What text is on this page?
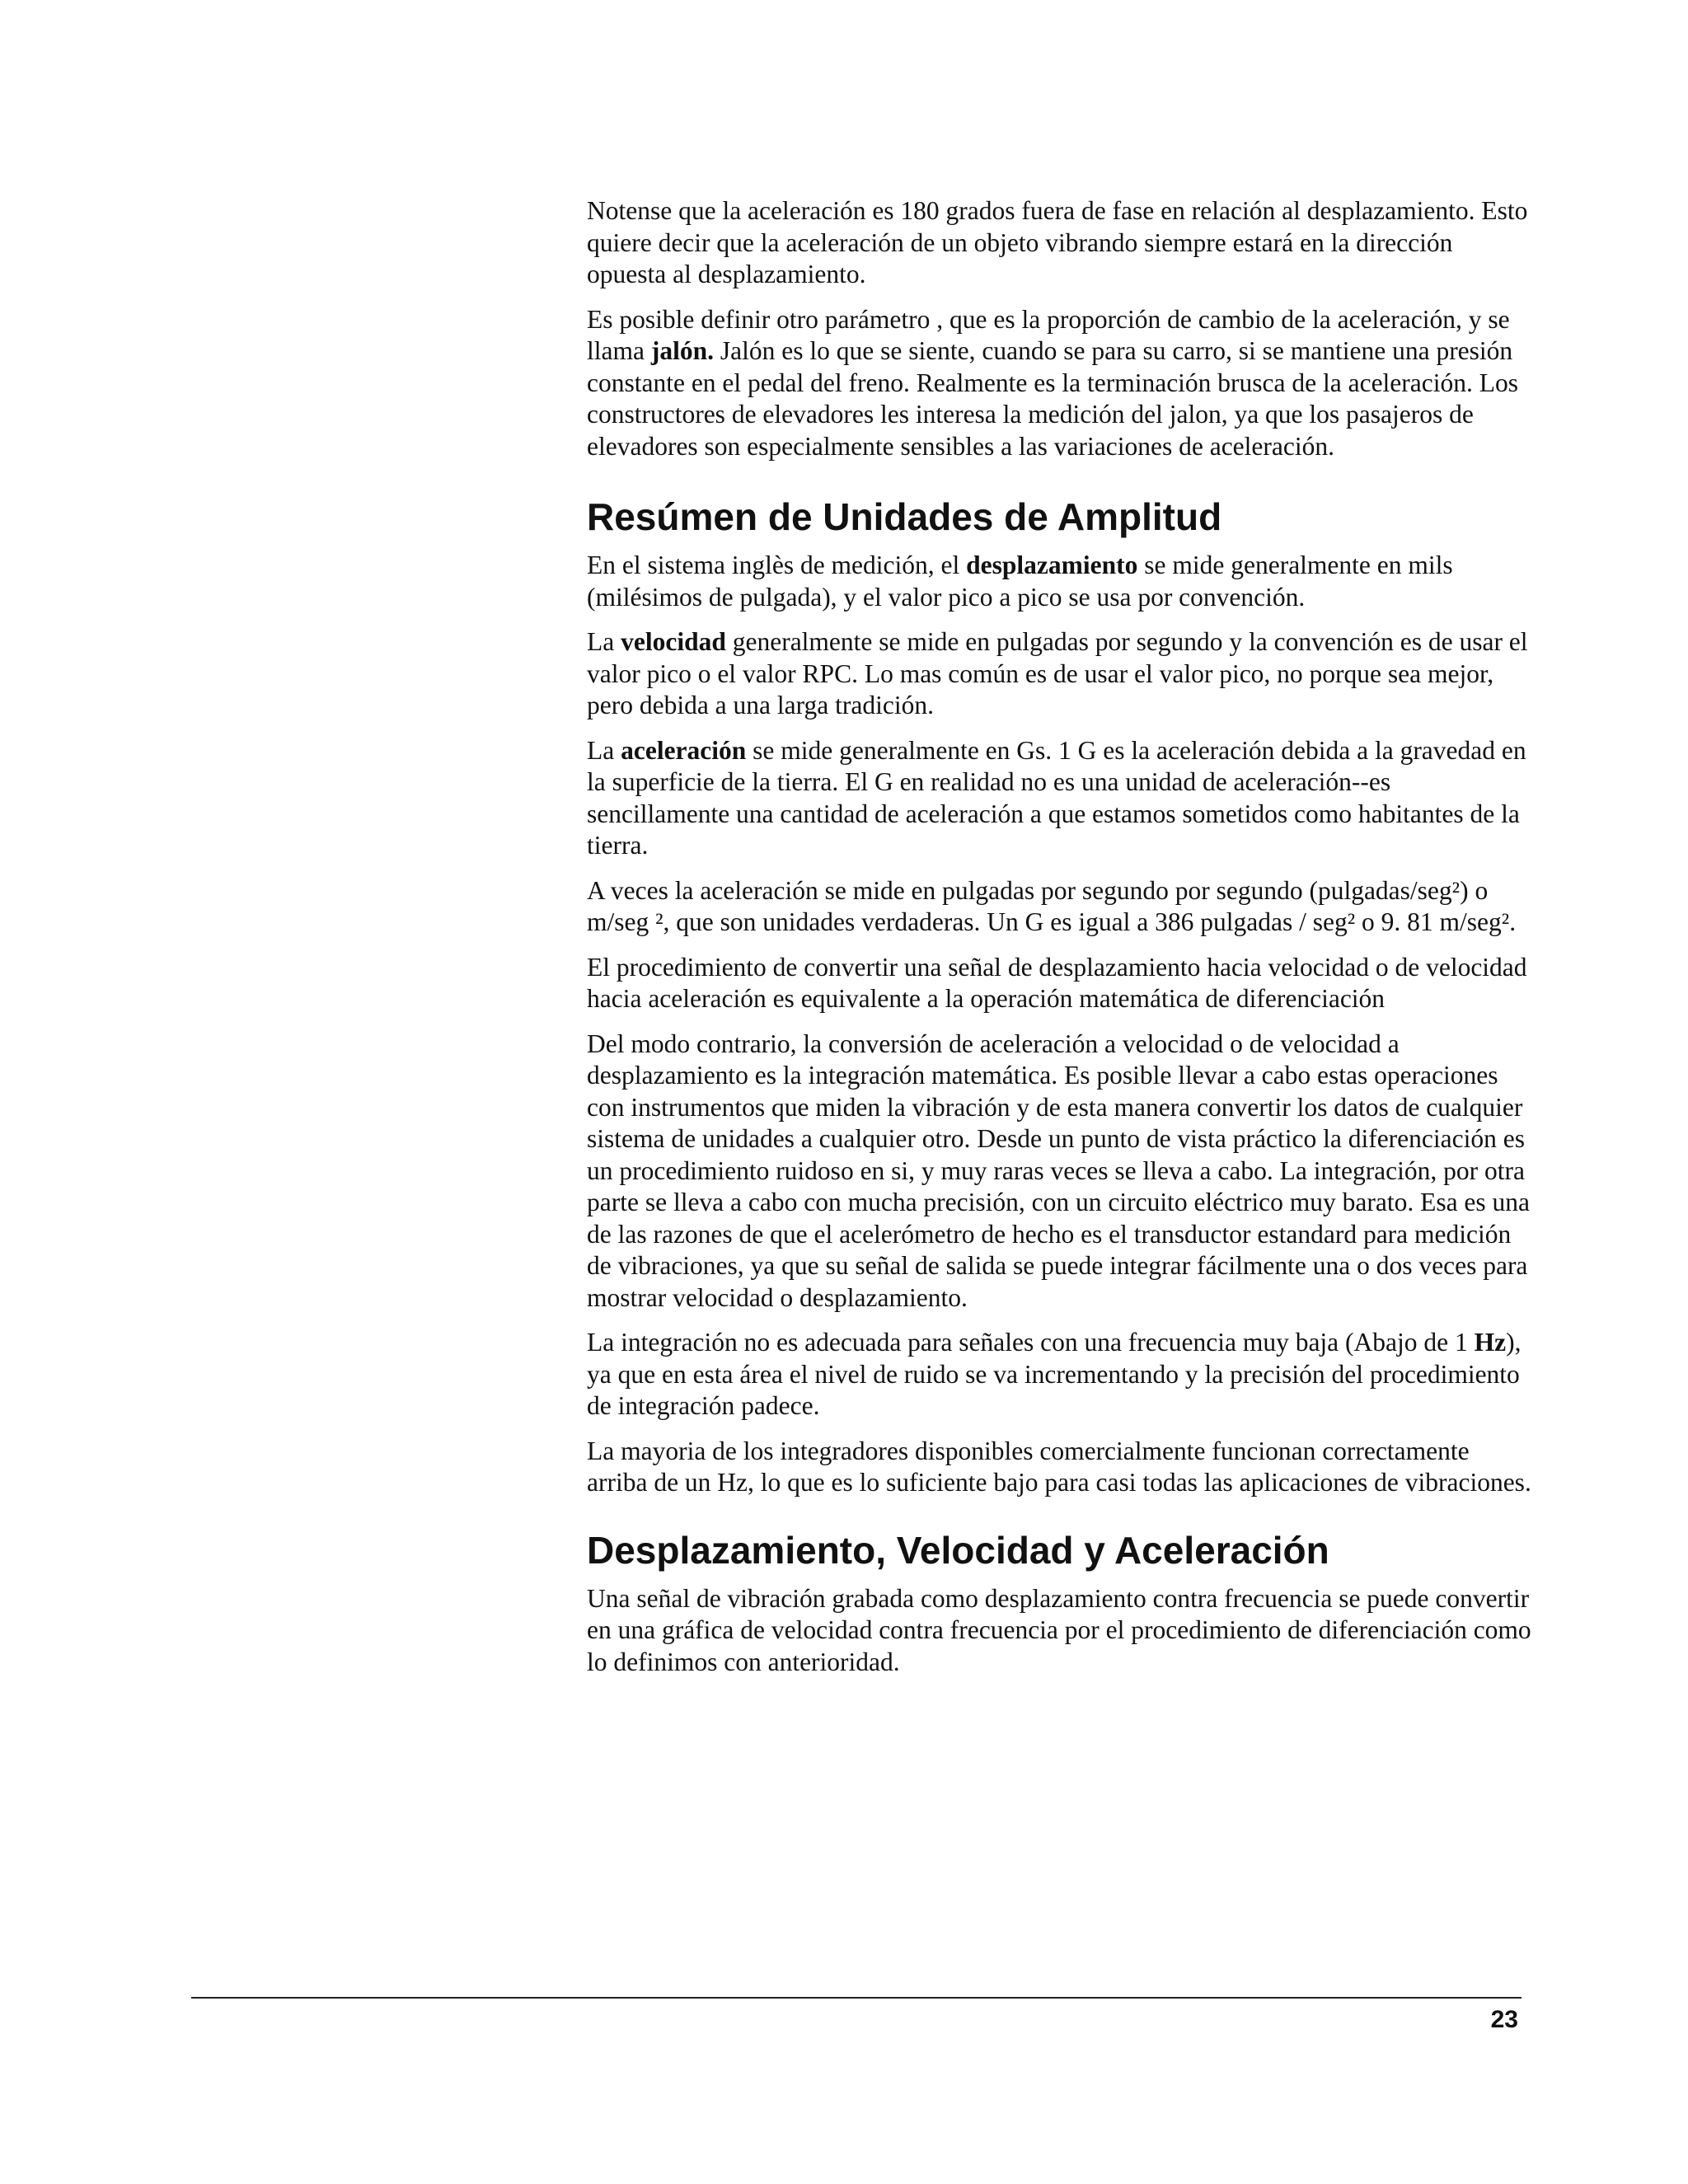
Notense que la aceleración es 180 grados fuera de fase en relación al desplazamiento. Esto quiere decir que la aceleración de un objeto vibrando siempre estará en la dirección opuesta al desplazamiento.

Es posible definir otro parámetro , que es la proporción de cambio de la aceleración, y se llama jalón. Jalón es lo que se siente, cuando se para su carro, si se mantiene una presión constante en el pedal del freno. Realmente es la terminación brusca de la aceleración. Los constructores de elevadores les interesa la medición del jalon, ya que los pasajeros de elevadores son especialmente sensibles a las variaciones de aceleración.

Resúmen de Unidades de Amplitud

En el sistema inglès de medición, el desplazamiento se mide generalmente en mils (milésimos de pulgada), y el valor pico a pico se usa por convención.

La velocidad generalmente se mide en pulgadas por segundo y la convención es de usar el valor pico o el valor RPC. Lo mas común es de usar el valor pico, no porque sea mejor, pero debida a una larga tradición.

La aceleración se mide generalmente en Gs. 1 G es la aceleración debida a la gravedad en la superficie de la tierra. El G en realidad no es una unidad de aceleración--es sencillamente una cantidad de aceleración a que estamos sometidos como habitantes de la tierra.

A veces la aceleración se mide en pulgadas por segundo por segundo (pulgadas/seg²) o m/seg ², que son unidades verdaderas. Un G es igual a 386 pulgadas / seg² o 9. 81 m/seg².

El procedimiento de convertir una señal de desplazamiento hacia velocidad o de velocidad hacia aceleración es equivalente a la operación matemática de diferenciación

Del modo contrario, la conversión de aceleración a velocidad o de velocidad a desplazamiento es la integración matemática. Es posible llevar a cabo estas operaciones con instrumentos que miden la vibración y de esta manera convertir los datos de cualquier sistema de unidades a cualquier otro. Desde un punto de vista práctico la diferenciación es un procedimiento ruidoso en si, y muy raras veces se lleva a cabo. La integración, por otra parte se lleva a cabo con mucha precisión, con un circuito eléctrico muy barato. Esa es una de las razones de que el acelerómetro de hecho es el transductor estandard para medición de vibraciones, ya que su señal de salida se puede integrar fácilmente una o dos veces para mostrar velocidad o desplazamiento.

La integración no es adecuada para señales con una frecuencia muy baja (Abajo de 1 Hz), ya que en esta área el nivel de ruido se va incrementando y la precisión del procedimiento de integración padece.

La mayoria de los integradores disponibles comercialmente funcionan correctamente arriba de un Hz, lo que es lo suficiente bajo para casi todas las aplicaciones de vibraciones.

Desplazamiento, Velocidad y Aceleración

Una señal de vibración grabada como desplazamiento contra frecuencia se puede convertir en una gráfica de velocidad contra frecuencia por el procedimiento de diferenciación como lo definimos con anterioridad.

23
